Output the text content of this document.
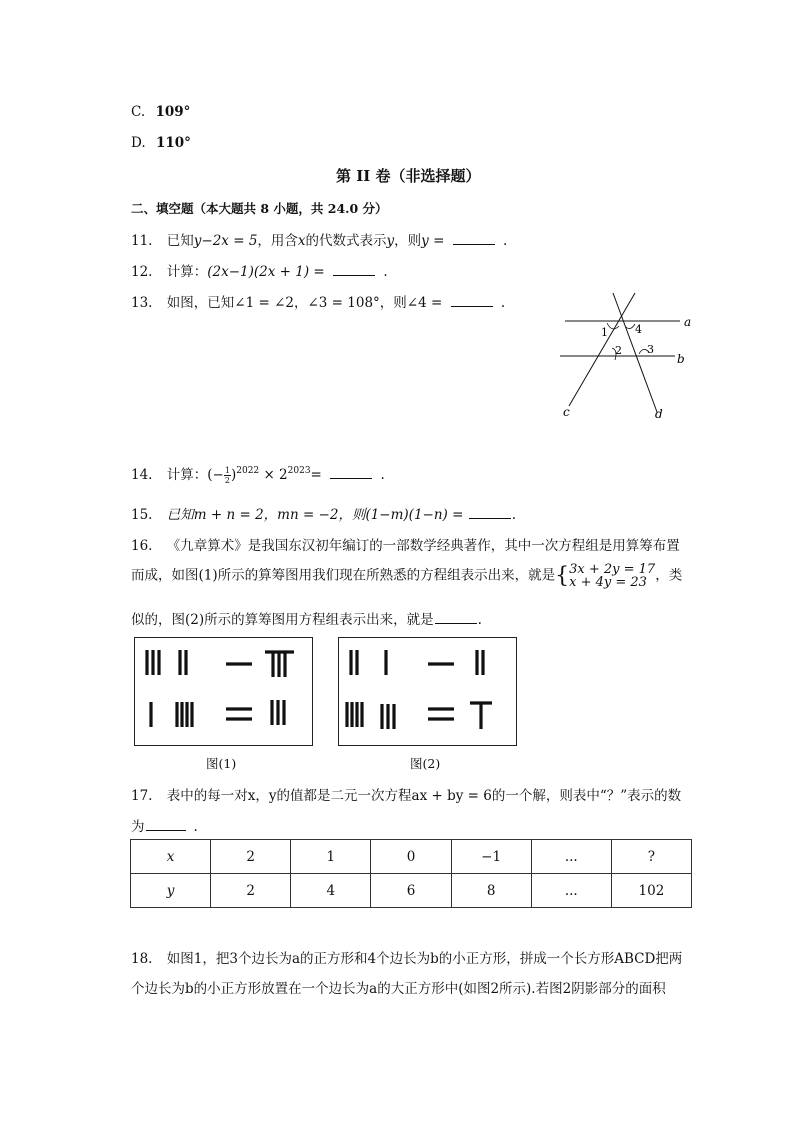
C. 109°
D. 110°
第 II 卷（非选择题）
二、填空题（本大题共 8 小题，共 24.0 分）
11. 已知y−2x = 5，用含x的代数式表示y，则y =	.
12. 计算：(2x−1)(2x + 1) =	.
13. 如图，已知∠1 = ∠2，∠3 = 108°，则∠4 =	.
1 4
2 3
a
b
c	d
14. 计算：(− $\frac{1}{2} )^{2022} \times 2^{2023}=$	.
15. 已知m + n = 2，mn = −2，则(1−m)(1−n) =	.
16. 《九章算术》是我国东汉初年编订的一部数学经典著作，其中一次方程组是用算筹布置
而成，如图(1)所示的算筹图用我们现在所熟悉的方程组表示出来，就是{ 3x + 2y = 17
x + 4y = 23 ，类
似的，图(2)所示的算筹图用方程组表示出来，就是	.
图(1)	图(2)
17. 表中的每一对x，y的值都是二元一次方程ax + by = 6的一个解，则表中“？”表示的数
为	.
x	2	1	0	−1	...	?
y	2	4	6	8	...	102
18. 如图1，把3个边长为a的正方形和4个边长为b的小正方形，拼成一个长方形ABCD把两
个边长为b的小正方形放置在一个边长为a的大正方形中(如图2所示).若图2阴影部分的面积
